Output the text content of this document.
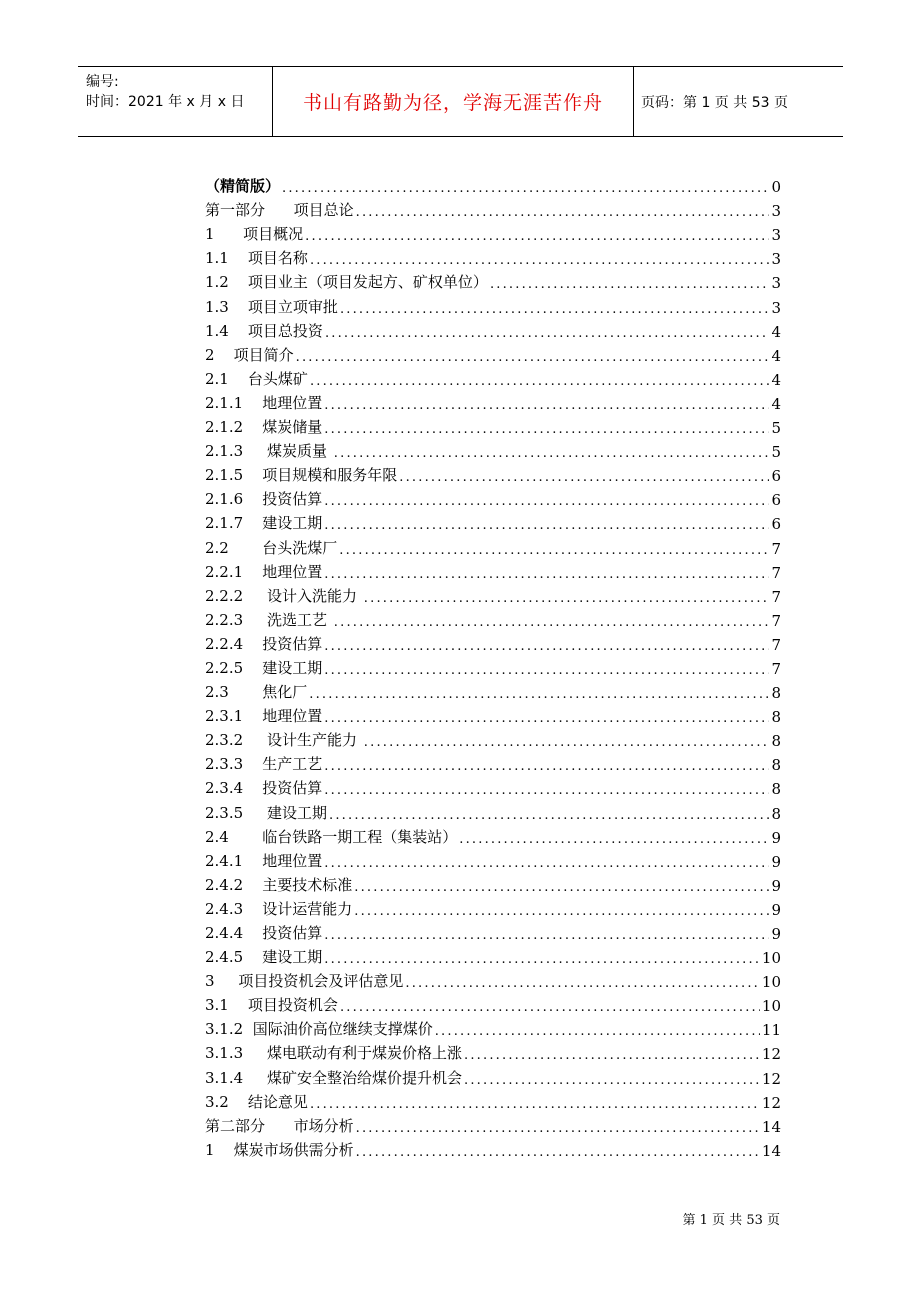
编号:
时间：2021 年 x 月 x 日	书山有路勤为径，学海无涯苦作舟	页码：第 1 页 共 53 页
（精简版） .....	0
第一部分      项目总论 .....	3
1      项目概况 .....	3
1.1    项目名称 .....	3
1.2    项目业主（项目发起方、矿权单位） .....	3
1.3    项目立项审批 .....	3
1.4    项目总投资 .....	4
2    项目简介 .....	4
2.1    台头煤矿 .....	4
2.1.1    地理位置 .....	4
2.1.2    煤炭储量 .....	5
2.1.3     煤炭质量 .....	5
2.1.5    项目规模和服务年限 .....	6
2.1.6    投资估算 .....	6
2.1.7    建设工期 .....	6
2.2       台头洗煤厂 .....	7
2.2.1    地理位置 .....	7
2.2.2     设计入洗能力 .....	7
2.2.3     洗选工艺 .....	7
2.2.4    投资估算 .....	7
2.2.5    建设工期 .....	7
2.3       焦化厂 .....	8
2.3.1    地理位置 .....	8
2.3.2     设计生产能力 .....	8
2.3.3    生产工艺 .....	8
2.3.4    投资估算 .....	8
2.3.5     建设工期 .....	8
2.4       临台铁路一期工程（集装站） .....	9
2.4.1    地理位置 .....	9
2.4.2    主要技术标准 .....	9
2.4.3    设计运营能力 .....	9
2.4.4    投资估算 .....	9
2.4.5    建设工期 .....	10
3     项目投资机会及评估意见 .....	10
3.1    项目投资机会 .....	10
3.1.2  国际油价高位继续支撑煤价 .....	11
3.1.3     煤电联动有利于煤炭价格上涨 .....	12
3.1.4     煤矿安全整治给煤价提升机会 .....	12
3.2    结论意见 .....	12
第二部分      市场分析 .....	14
1    煤炭市场供需分析 .....	14
第 1 页 共 53 页
